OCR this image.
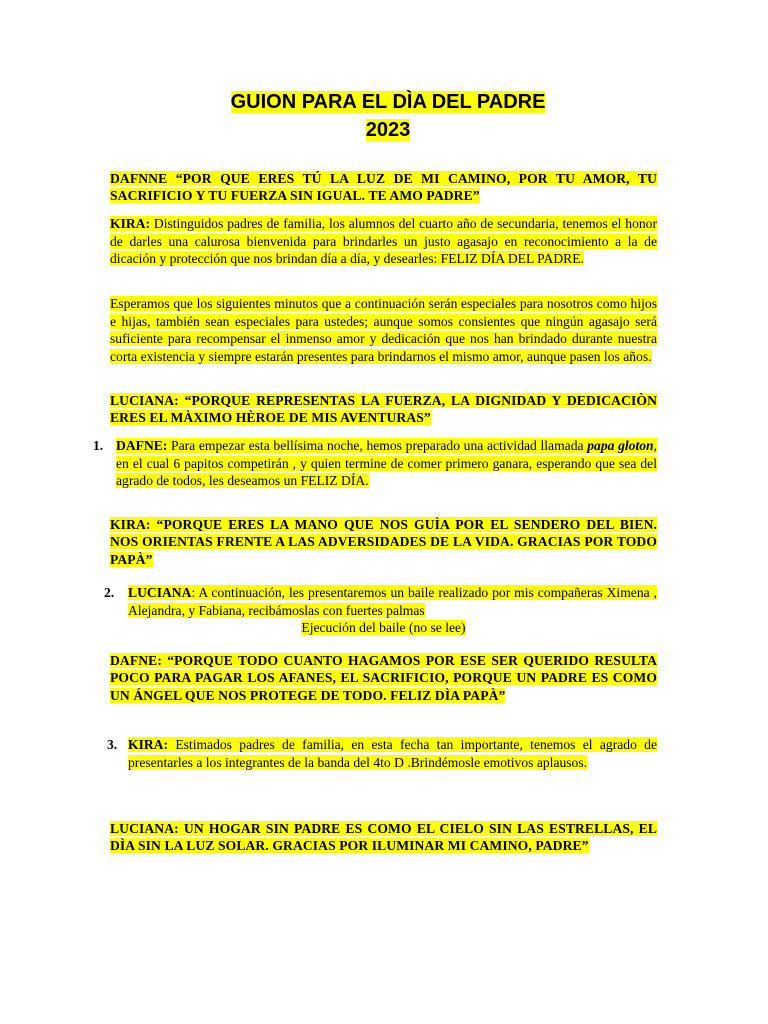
GUION PARA EL DÌA DEL PADRE
2023
DAFNNE “POR QUE ERES TÚ LA LUZ DE MI CAMINO, POR TU AMOR, TU SACRIFICIO Y TU FUERZA SIN IGUAL. TE AMO PADRE”
KIRA: Distinguidos padres de familia, los alumnos del cuarto año de secundaria, tenemos el honor de darles una calurosa bienvenida para brindarles un justo agasajo en reconocimiento a la de dicación y protección que nos brindan día a día, y desearles: FELIZ DÍA DEL PADRE.
Esperamos que los siguientes minutos que a continuación serán especiales para nosotros como hijos e hijas, también sean especiales para ustedes; aunque somos consientes que ningún agasajo será suficiente para recompensar el inmenso amor y dedicación que nos han brindado durante nuestra corta existencia y siempre estarán presentes para brindarnos el mismo amor, aunque pasen los años.
LUCIANA: “PORQUE REPRESENTAS LA FUERZA, LA DIGNIDAD Y DEDICACIÒN ERES EL MÀXIMO HÈROE DE MIS AVENTURAS”
1. DAFNE: Para empezar esta bellísima noche, hemos preparado una actividad llamada papa gloton, en el cual 6 papitos competirán , y quien termine de comer primero ganara, esperando que sea del agrado de todos, les deseamos un FELIZ DÍA.
KIRA: “PORQUE ERES LA MANO QUE NOS GUÌA POR EL SENDERO DEL BIEN. NOS ORIENTAS FRENTE A LAS ADVERSIDADES DE LA VIDA. GRACIAS POR TODO PAPÀ”
2. LUCIANA: A continuación, les presentaremos un baile realizado por mis compañeras Ximena , Alejandra, y Fabiana, recibámoslas con fuertes palmas
Ejecución del baile (no se lee)
DAFNE: “PORQUE TODO CUANTO HAGAMOS POR ESE SER QUERIDO RESULTA POCO PARA PAGAR LOS AFANES, EL SACRIFICIO, PORQUE UN PADRE ES COMO UN ÁNGEL QUE NOS PROTEGE DE TODO. FELIZ DÌA PAPÀ”
3. KIRA: Estimados padres de familia, en esta fecha tan importante, tenemos el agrado de presentarles a los integrantes de la banda del 4to D .Brindémosle emotivos aplausos.
LUCIANA: UN HOGAR SIN PADRE ES COMO EL CIELO SIN LAS ESTRELLAS, EL DÌA SIN LA LUZ SOLAR. GRACIAS POR ILUMINAR MI CAMINO, PADRE”
